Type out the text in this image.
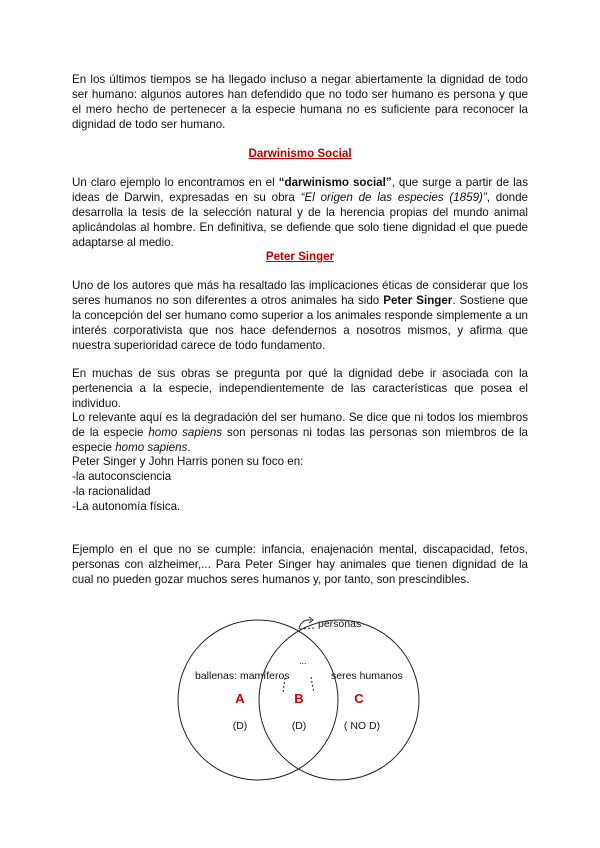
En los últimos tiempos se ha llegado incluso a negar abiertamente la dignidad de todo ser humano: algunos autores han defendido que no todo ser humano es persona y que el mero hecho de pertenecer a la especie humana no es suficiente para reconocer la dignidad de todo ser humano.

Darwinismo Social

Un claro ejemplo lo encontramos en el “darwinismo social”, que surge a partir de las ideas de Darwin, expresadas en su obra “El origen de las especies (1859)”, donde desarrolla la tesis de la selección natural y de la herencia propias del mundo animal aplicándolas al hombre. En definitiva, se defiende que solo tiene dignidad el que puede adaptarse al medio.

Peter Singer

Uno de los autores que más ha resaltado las implicaciones éticas de considerar que los seres humanos no son diferentes a otros animales ha sido Peter Singer. Sostiene que la concepción del ser humano como superior a los animales responde simplemente a un interés corporativista que nos hace defendernos a nosotros mismos, y afirma que nuestra superioridad carece de todo fundamento.

En muchas de sus obras se pregunta por qué la dignidad debe ir asociada con la pertenencia a la especie, independientemente de las características que posea el individuo.

Lo relevante aquí es la degradación del ser humano. Se dice que ni todos los miembros de la especie homo sapiens son personas ni todas las personas son miembros de la especie homo sapiens.

Peter Singer y John Harris ponen su foco en:
-la autoconsciencia
-la racionalidad
-La autonomía física.

Ejemplo en el que no se cumple: infancia, enajenación mental, discapacidad, fetos, personas con alzheimer,... Para Peter Singer hay animales que tienen dignidad de la cual no pueden gozar muchos seres humanos y, por tanto, son prescindibles.

personas
ballenas: mamíferos	seres humanos
...
A	B	C
(D)	(D)	( NO D)
